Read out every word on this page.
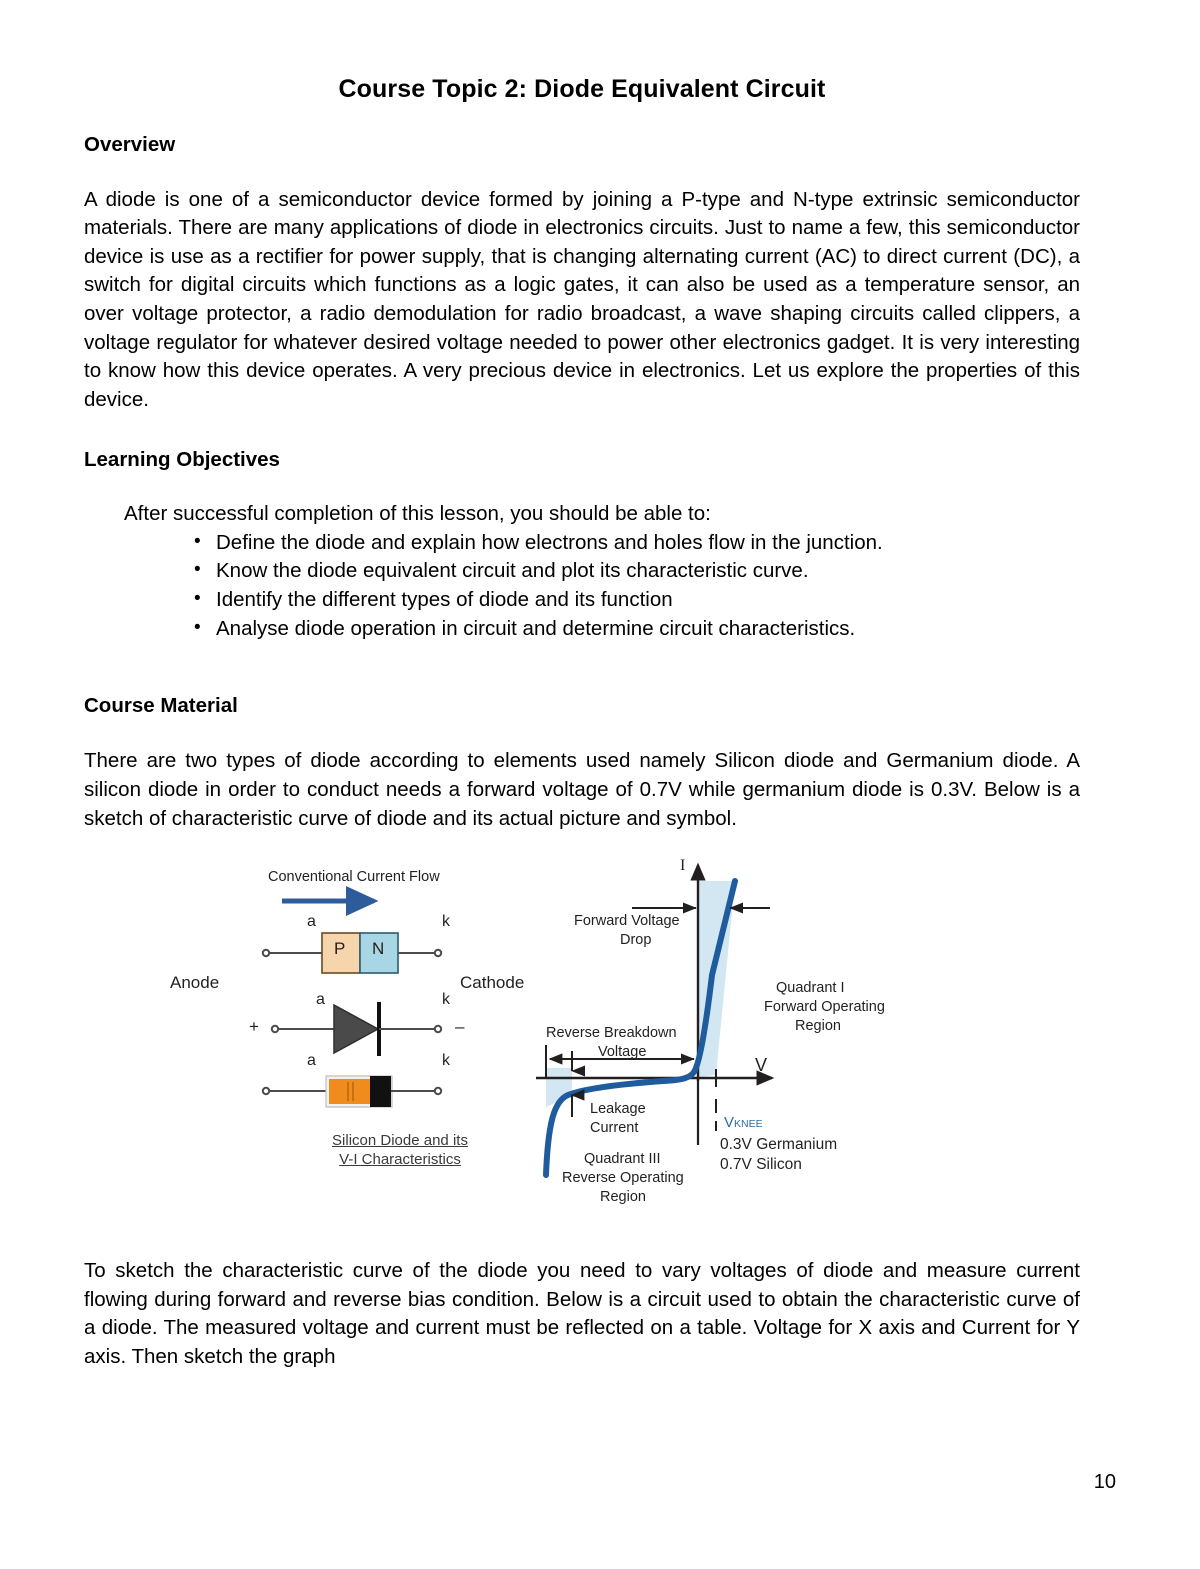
Course Topic 2: Diode Equivalent Circuit
Overview

A diode is one of a semiconductor device formed by joining a P-type and N-type extrinsic semiconductor materials. There are many applications of diode in electronics circuits. Just to name a few, this semiconductor device is use as a rectifier for power supply, that is changing alternating current (AC) to direct current (DC), a switch for digital circuits which functions as a logic gates, it can also be used as a temperature sensor, an over voltage protector, a radio demodulation for radio broadcast, a wave shaping circuits called clippers, a voltage regulator for whatever desired voltage needed to power other electronics gadget. It is very interesting to know how this device operates. A very precious device in electronics. Let us explore the properties of this device.

Learning Objectives
After successful completion of this lesson, you should be able to:
• Define the diode and explain how electrons and holes flow in the junction.
• Know the diode equivalent circuit and plot its characteristic curve.
• Identify the different types of diode and its function
• Analyse diode operation in circuit and determine circuit characteristics.
Course Material

There are two types of diode according to elements used namely Silicon diode and Germanium diode. A silicon diode in order to conduct needs a forward voltage of 0.7V while germanium diode is 0.3V. Below is a sketch of characteristic curve of diode and its actual picture and symbol.

Conventional Current Flow
a	k
P N
Anode	Cathode
+
a	k
–
a	k
Silicon Diode and its
V-I Characteristics
I
V
Forward Voltage
Drop
Quadrant I
Forward Operating
Region
Reverse Breakdown
Voltage
Leakage
Current
Quadrant III
Reverse Operating
Region
VKNEE
0.3V Germanium
0.7V Silicon

To sketch the characteristic curve of the diode you need to vary voltages of diode and measure current flowing during forward and reverse bias condition. Below is a circuit used to obtain the characteristic curve of a diode. The measured voltage and current must be reflected on a table. Voltage for X axis and Current for Y axis. Then sketch the graph

10
